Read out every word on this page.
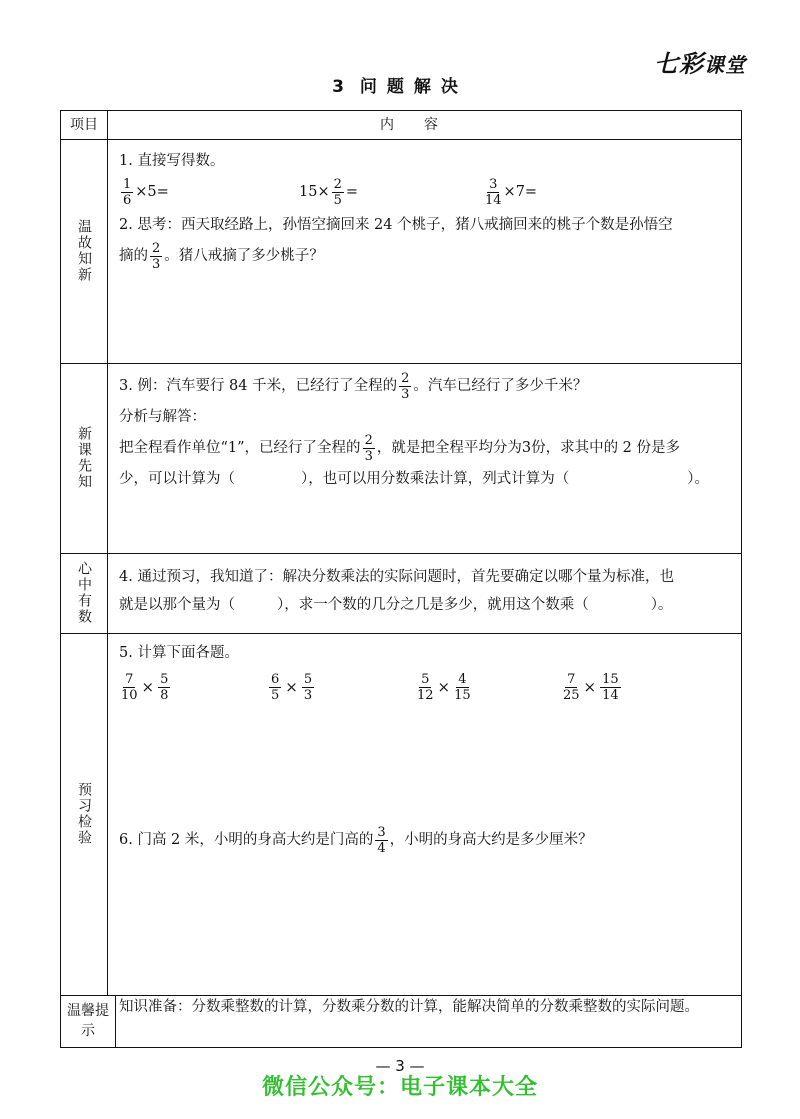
七彩课堂
3 问题解决
项目	内容
温故知新
1. 直接写得数。
$\frac{1}{6} \times 5=$	$15\times \frac{2}{5}$ =	$\frac{3}{14} \times 7=$
2. 思考：西天取经路上，孙悟空摘回来 24 个桃子，猪八戒摘回来的桃子个数是孙悟空
摘的 $\frac{2}{3}$ 。猪八戒摘了多少桃子？
新课先知
3. 例：汽车要行 84 千米，已经行了全程的 $\frac{2}{3}$ 。汽车已经行了多少千米？
分析与解答：
把全程看作单位“1”，已经行了全程的 $\frac{2}{3}$ ，就是把全程平均分为3份，求其中的 2 份是多
少，可以计算为（	），也可以用分数乘法计算，列式计算为（	）。
心中有数	4. 通过预习，我知道了：解决分数乘法的实际问题时，首先要确定以哪个量为标准，也
就是以那个量为（	），求一个数的几分之几是多少，就用这个数乘（	）。
预习检验
5. 计算下面各题。
$\frac{7}{10} \times \frac{5}{8}$	$\frac{6}{5} \times \frac{5}{3}$	$\frac{5}{12} \times \frac{4}{15}$	$\frac{7}{25} \times \frac{15}{14}$
6. 门高 2 米，小明的身高大约是门高的 $\frac{3}{4}$ ，小明的身高大约是多少厘米？
温馨提示
知识准备：分数乘整数的计算，分数乘分数的计算，能解决简单的分数乘整数的实际问题。
— 3 —
微信公众号：电子课本大全
